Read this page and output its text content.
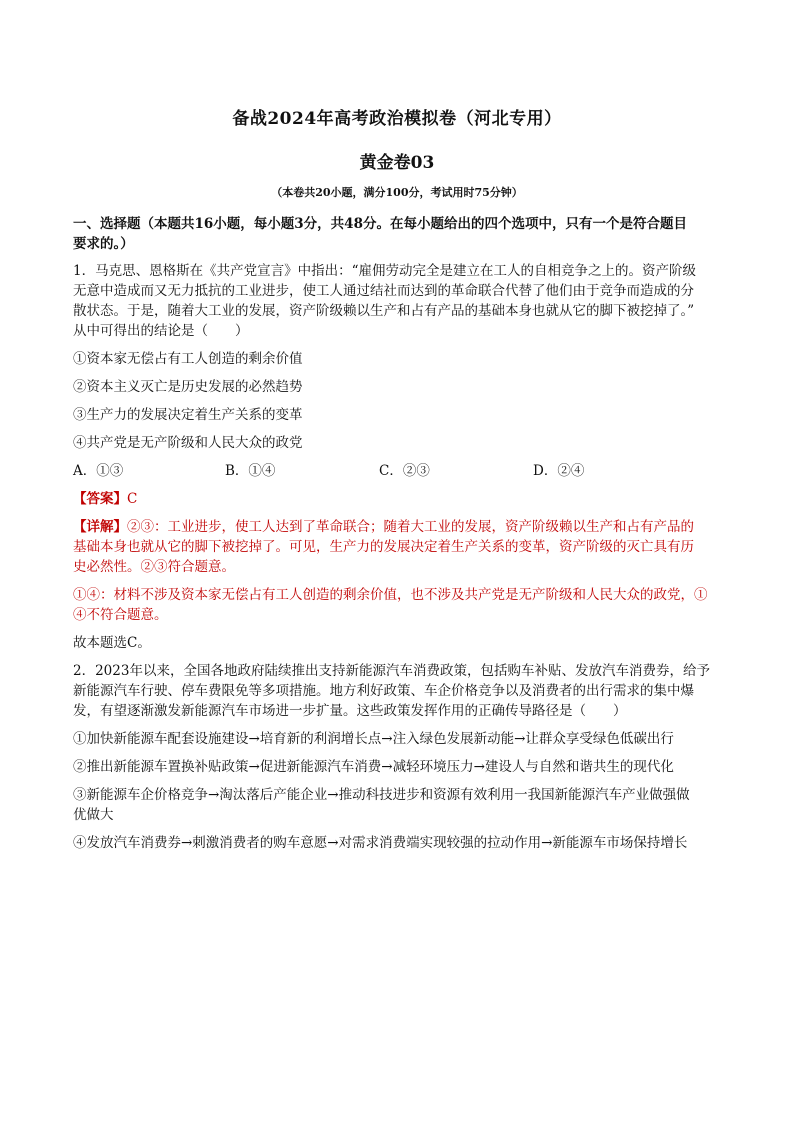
备战2024年高考政治模拟卷（河北专用）
黄金卷03
（本卷共20小题，满分100分，考试用时75分钟）

一、选择题（本题共16小题，每小题3分，共48分。在每小题给出的四个选项中，只有一个是符合题目

要求的。）

1．马克思、恩格斯在《共产党宣言》中指出：“雇佣劳动完全是建立在工人的自相竞争之上的。资产阶级

无意中造成而又无力抵抗的工业进步，使工人通过结社而达到的革命联合代替了他们由于竞争而造成的分

散状态。于是，随着大工业的发展，资产阶级赖以生产和占有产品的基础本身也就从它的脚下被挖掉了。”

从中可得出的结论是（　　）

①资本家无偿占有工人创造的剩余价值

②资本主义灭亡是历史发展的必然趋势

③生产力的发展决定着生产关系的变革

④共产党是无产阶级和人民大众的政党

A．①③	B．①④	C．②③	D．②④

【答案】C

【详解】②③：工业进步，使工人达到了革命联合；随着大工业的发展，资产阶级赖以生产和占有产品的

基础本身也就从它的脚下被挖掉了。可见，生产力的发展决定着生产关系的变革，资产阶级的灭亡具有历

史必然性。②③符合题意。

①④：材料不涉及资本家无偿占有工人创造的剩余价值，也不涉及共产党是无产阶级和人民大众的政党，①

④不符合题意。

故本题选C。

2．2023年以来，全国各地政府陆续推出支持新能源汽车消费政策，包括购车补贴、发放汽车消费券，给予

新能源汽车行驶、停车费限免等多项措施。地方利好政策、车企价格竞争以及消费者的出行需求的集中爆

发，有望逐渐激发新能源汽车市场进一步扩量。这些政策发挥作用的正确传导路径是（　　）

①加快新能源车配套设施建设→培育新的利润增长点→注入绿色发展新动能→让群众享受绿色低碳出行

②推出新能源车置换补贴政策→促进新能源汽车消费→减轻环境压力→建设人与自然和谐共生的现代化

③新能源车企价格竞争→淘汰落后产能企业→推动科技进步和资源有效利用一我国新能源汽车产业做强做

优做大

④发放汽车消费券→刺激消费者的购车意愿→对需求消费端实现较强的拉动作用→新能源车市场保持增长
